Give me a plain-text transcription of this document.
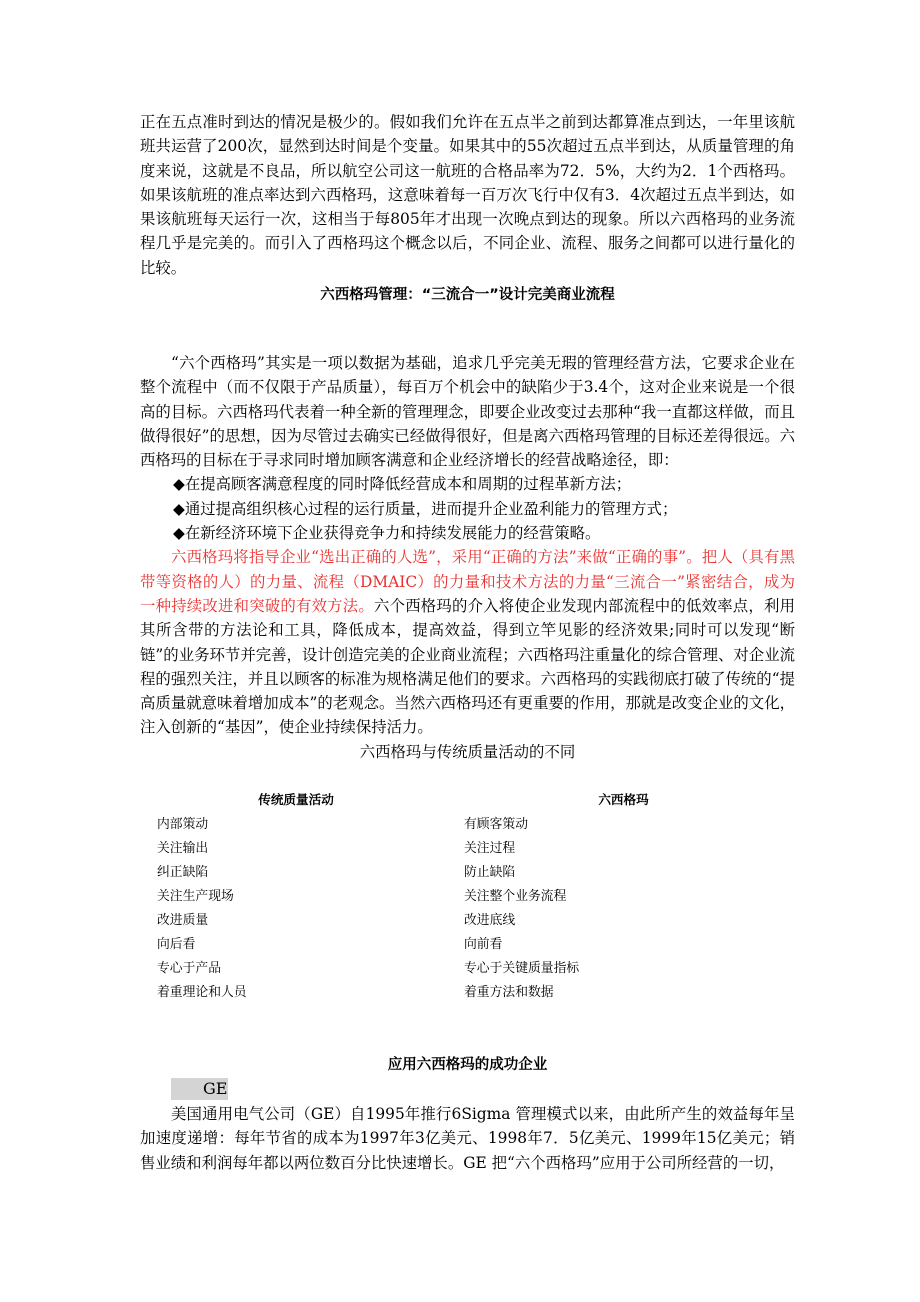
正在五点准时到达的情况是极少的。假如我们允许在五点半之前到达都算准点到达，一年里该航班共运营了200次，显然到达时间是个变量。如果其中的55次超过五点半到达，从质量管理的角度来说，这就是不良品，所以航空公司这一航班的合格品率为72．5%，大约为2．1个西格玛。如果该航班的准点率达到六西格玛，这意味着每一百万次飞行中仅有3．4次超过五点半到达，如果该航班每天运行一次，这相当于每805年才出现一次晚点到达的现象。所以六西格玛的业务流程几乎是完美的。而引入了西格玛这个概念以后，不同企业、流程、服务之间都可以进行量化的比较。

六西格玛管理：“三流合一”设计完美商业流程

“六个西格玛”其实是一项以数据为基础，追求几乎完美无瑕的管理经营方法，它要求企业在整个流程中（而不仅限于产品质量），每百万个机会中的缺陷少于3.4个，这对企业来说是一个很高的目标。六西格玛代表着一种全新的管理理念，即要企业改变过去那种“我一直都这样做，而且做得很好”的思想，因为尽管过去确实已经做得很好，但是离六西格玛管理的目标还差得很远。六西格玛的目标在于寻求同时增加顾客满意和企业经济增长的经营战略途径，即：

◆在提高顾客满意程度的同时降低经营成本和周期的过程革新方法；

◆通过提高组织核心过程的运行质量，进而提升企业盈利能力的管理方式；

◆在新经济环境下企业获得竞争力和持续发展能力的经营策略。

六西格玛将指导企业“选出正确的人选”，采用“正确的方法”来做“正确的事”。把人（具有黑带等资格的人）的力量、流程（DMAIC）的力量和技术方法的力量“三流合一”紧密结合，成为一种持续改进和突破的有效方法。六个西格玛的介入将使企业发现内部流程中的低效率点，利用其所含带的方法论和工具，降低成本，提高效益，得到立竿见影的经济效果;同时可以发现“断链”的业务环节并完善，设计创造完美的企业商业流程；六西格玛注重量化的综合管理、对企业流程的强烈关注，并且以顾客的标准为规格满足他们的要求。六西格玛的实践彻底打破了传统的“提高质量就意味着增加成本”的老观念。当然六西格玛还有更重要的作用，那就是改变企业的文化，注入创新的“基因”，使企业持续保持活力。

六西格玛与传统质量活动的不同

传统质量活动	六西格玛
内部策动	有顾客策动
关注输出	关注过程
纠正缺陷	防止缺陷
关注生产现场	关注整个业务流程
改进质量	改进底线
向后看	向前看
专心于产品	专心于关键质量指标
着重理论和人员	着重方法和数据

应用六西格玛的成功企业

GE

美国通用电气公司（GE）自1995年推行6Sigma 管理模式以来，由此所产生的效益每年呈加速度递增：每年节省的成本为1997年3亿美元、1998年7．5亿美元、1999年15亿美元；销售业绩和利润每年都以两位数百分比快速增长。GE 把“六个西格玛”应用于公司所经营的一切，
